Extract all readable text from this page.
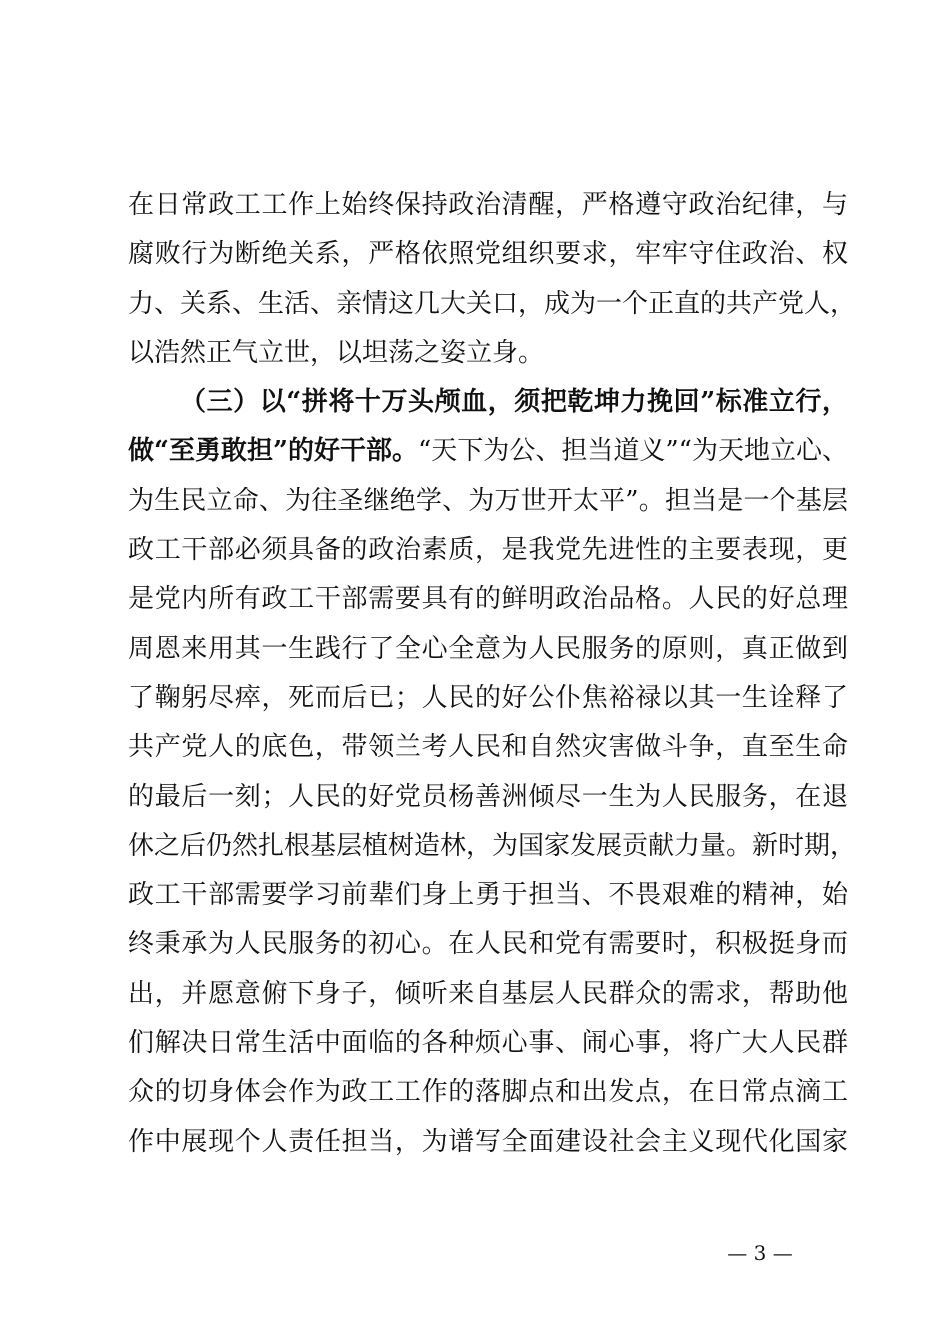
在日常政工工作上始终保持政治清醒，严格遵守政治纪律，与
腐败行为断绝关系，严格依照党组织要求，牢牢守住政治、权
力、关系、生活、亲情这几大关口，成为一个正直的共产党人，
以浩然正气立世，以坦荡之姿立身。
（三）以“拼将十万头颅血，须把乾坤力挽回”标准立行，
做“至勇敢担”的好干部。“天下为公、担当道义”“为天地立心、
为生民立命、为往圣继绝学、为万世开太平”。担当是一个基层
政工干部必须具备的政治素质，是我党先进性的主要表现，更
是党内所有政工干部需要具有的鲜明政治品格。人民的好总理
周恩来用其一生践行了全心全意为人民服务的原则，真正做到
了鞠躬尽瘁，死而后已；人民的好公仆焦裕禄以其一生诠释了
共产党人的底色，带领兰考人民和自然灾害做斗争，直至生命
的最后一刻；人民的好党员杨善洲倾尽一生为人民服务，在退
休之后仍然扎根基层植树造林，为国家发展贡献力量。新时期，
政工干部需要学习前辈们身上勇于担当、不畏艰难的精神，始
终秉承为人民服务的初心。在人民和党有需要时，积极挺身而
出，并愿意俯下身子，倾听来自基层人民群众的需求，帮助他
们解决日常生活中面临的各种烦心事、闹心事，将广大人民群
众的切身体会作为政工工作的落脚点和出发点，在日常点滴工
作中展现个人责任担当，为谱写全面建设社会主义现代化国家
— 3 —
